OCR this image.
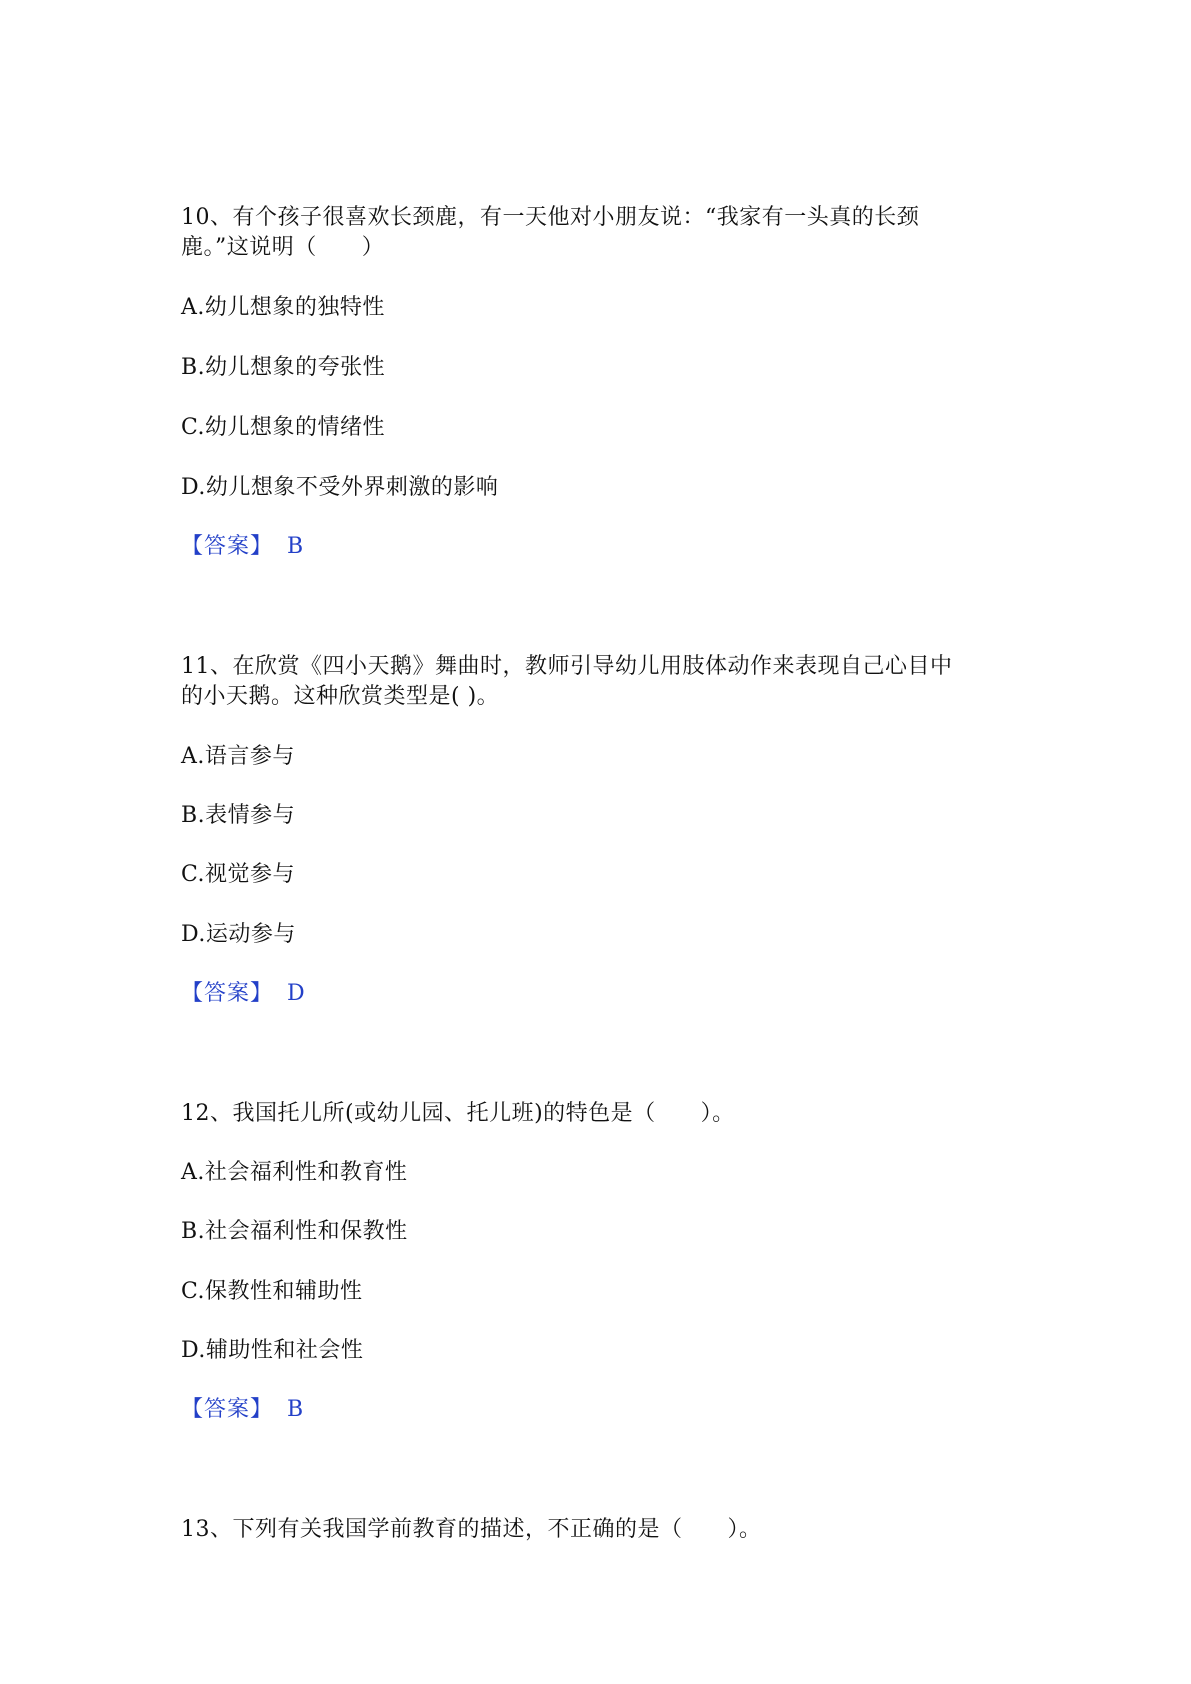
10、有个孩子很喜欢长颈鹿，有一天他对小朋友说：“我家有一头真的长颈
鹿。”这说明（　　）
A.幼儿想象的独特性
B.幼儿想象的夸张性
C.幼儿想象的情绪性
D.幼儿想象不受外界刺激的影响
【答案】 B
11、在欣赏《四小天鹅》舞曲时，教师引导幼儿用肢体动作来表现自己心目中
的小天鹅。这种欣赏类型是( )。
A.语言参与
B.表情参与
C.视觉参与
D.运动参与
【答案】 D
12、我国托儿所(或幼儿园、托儿班)的特色是（　　）。
A.社会福利性和教育性
B.社会福利性和保教性
C.保教性和辅助性
D.辅助性和社会性
【答案】 B
13、下列有关我国学前教育的描述，不正确的是（　　）。
